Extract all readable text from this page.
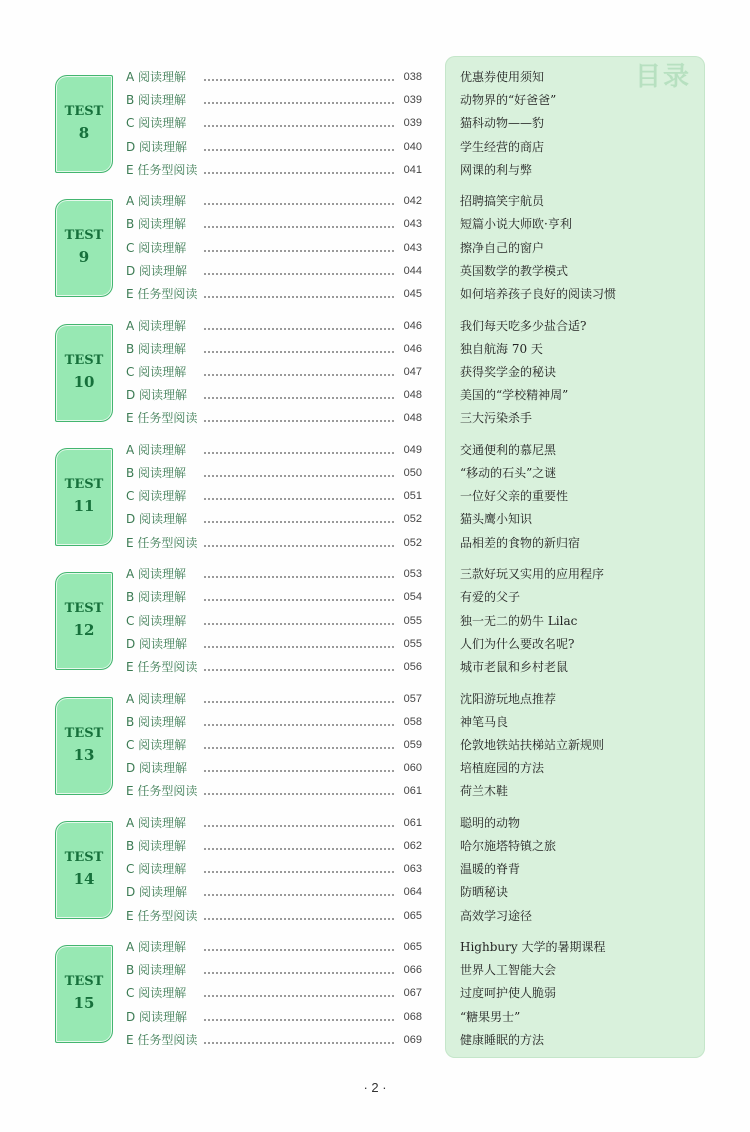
目录
TEST
8
A 阅读理解	038	优惠券使用须知
B 阅读理解	039	动物界的“好爸爸”
C 阅读理解	039	猫科动物——豹
D 阅读理解	040	学生经营的商店
E 任务型阅读	041	网课的利与弊
TEST
9
A 阅读理解	042	招聘搞笑宇航员
B 阅读理解	043	短篇小说大师欧·亨利
C 阅读理解	043	擦净自己的窗户
D 阅读理解	044	英国数学的教学模式
E 任务型阅读	045	如何培养孩子良好的阅读习惯
TEST
10
A 阅读理解	046	我们每天吃多少盐合适?
B 阅读理解	046	独自航海 70 天
C 阅读理解	047	获得奖学金的秘诀
D 阅读理解	048	美国的“学校精神周”
E 任务型阅读	048	三大污染杀手
TEST
11
A 阅读理解	049	交通便利的慕尼黑
B 阅读理解	050	“移动的石头”之谜
C 阅读理解	051	一位好父亲的重要性
D 阅读理解	052	猫头鹰小知识
E 任务型阅读	052	品相差的食物的新归宿
TEST
12
A 阅读理解	053	三款好玩又实用的应用程序
B 阅读理解	054	有爱的父子
C 阅读理解	055	独一无二的奶牛 Lilac
D 阅读理解	055	人们为什么要改名呢?
E 任务型阅读	056	城市老鼠和乡村老鼠
TEST
13
A 阅读理解	057	沈阳游玩地点推荐
B 阅读理解	058	神笔马良
C 阅读理解	059	伦敦地铁站扶梯站立新规则
D 阅读理解	060	培植庭园的方法
E 任务型阅读	061	荷兰木鞋
TEST
14
A 阅读理解	061	聪明的动物
B 阅读理解	062	哈尔施塔特镇之旅
C 阅读理解	063	温暖的脊背
D 阅读理解	064	防晒秘诀
E 任务型阅读	065	高效学习途径
TEST
15
A 阅读理解	065	Highbury 大学的暑期课程
B 阅读理解	066	世界人工智能大会
C 阅读理解	067	过度呵护使人脆弱
D 阅读理解	068	“糖果男士”
E 任务型阅读	069	健康睡眠的方法
· 2 ·
